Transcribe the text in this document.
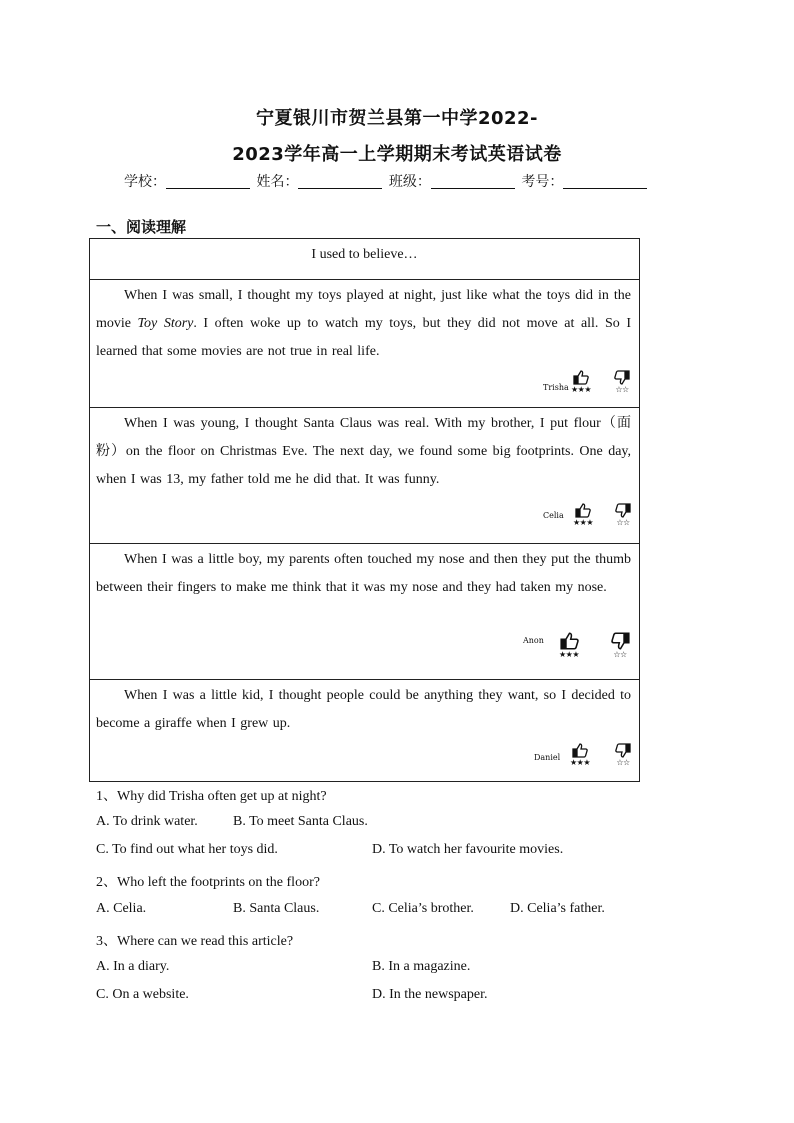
宁夏银川市贺兰县第一中学2022-
2023学年高一上学期期末考试英语试卷
学校：	姓名：	班级：	考号：
一、阅读理解
I used to believe…
When I was small, I thought my toys played at night, just like what the toys did in the movie Toy Story. I often woke up to watch my toys, but they did not move at all. So I learned that some movies are not true in real life.
Trisha ★★★	☆☆
When I was young, I thought Santa Claus was real. With my brother, I put flour（面粉）on the floor on Christmas Eve. The next day, we found some big footprints. One day, when I was 13, my father told me he did that. It was funny.
Celia
★★★	☆☆
When I was a little boy, my parents often touched my nose and then they put the thumb between their fingers to make me think that it was my nose and they had taken my nose.
Anon
★★★	☆☆
When I was a little kid, I thought people could be anything they want, so I decided to become a giraffe when I grew up.
Daniel
★★★	☆☆
1、Why did Trisha often get up at night?
A. To drink water.	B. To meet Santa Claus.
C. To find out what her toys did.	D. To watch her favourite movies.
2、Who left the footprints on the floor?
A. Celia.	B. Santa Claus.	C. Celia’s brother.	D. Celia’s father.
3、Where can we read this article?
A. In a diary.	B. In a magazine.
C. On a website.	D. In the newspaper.
